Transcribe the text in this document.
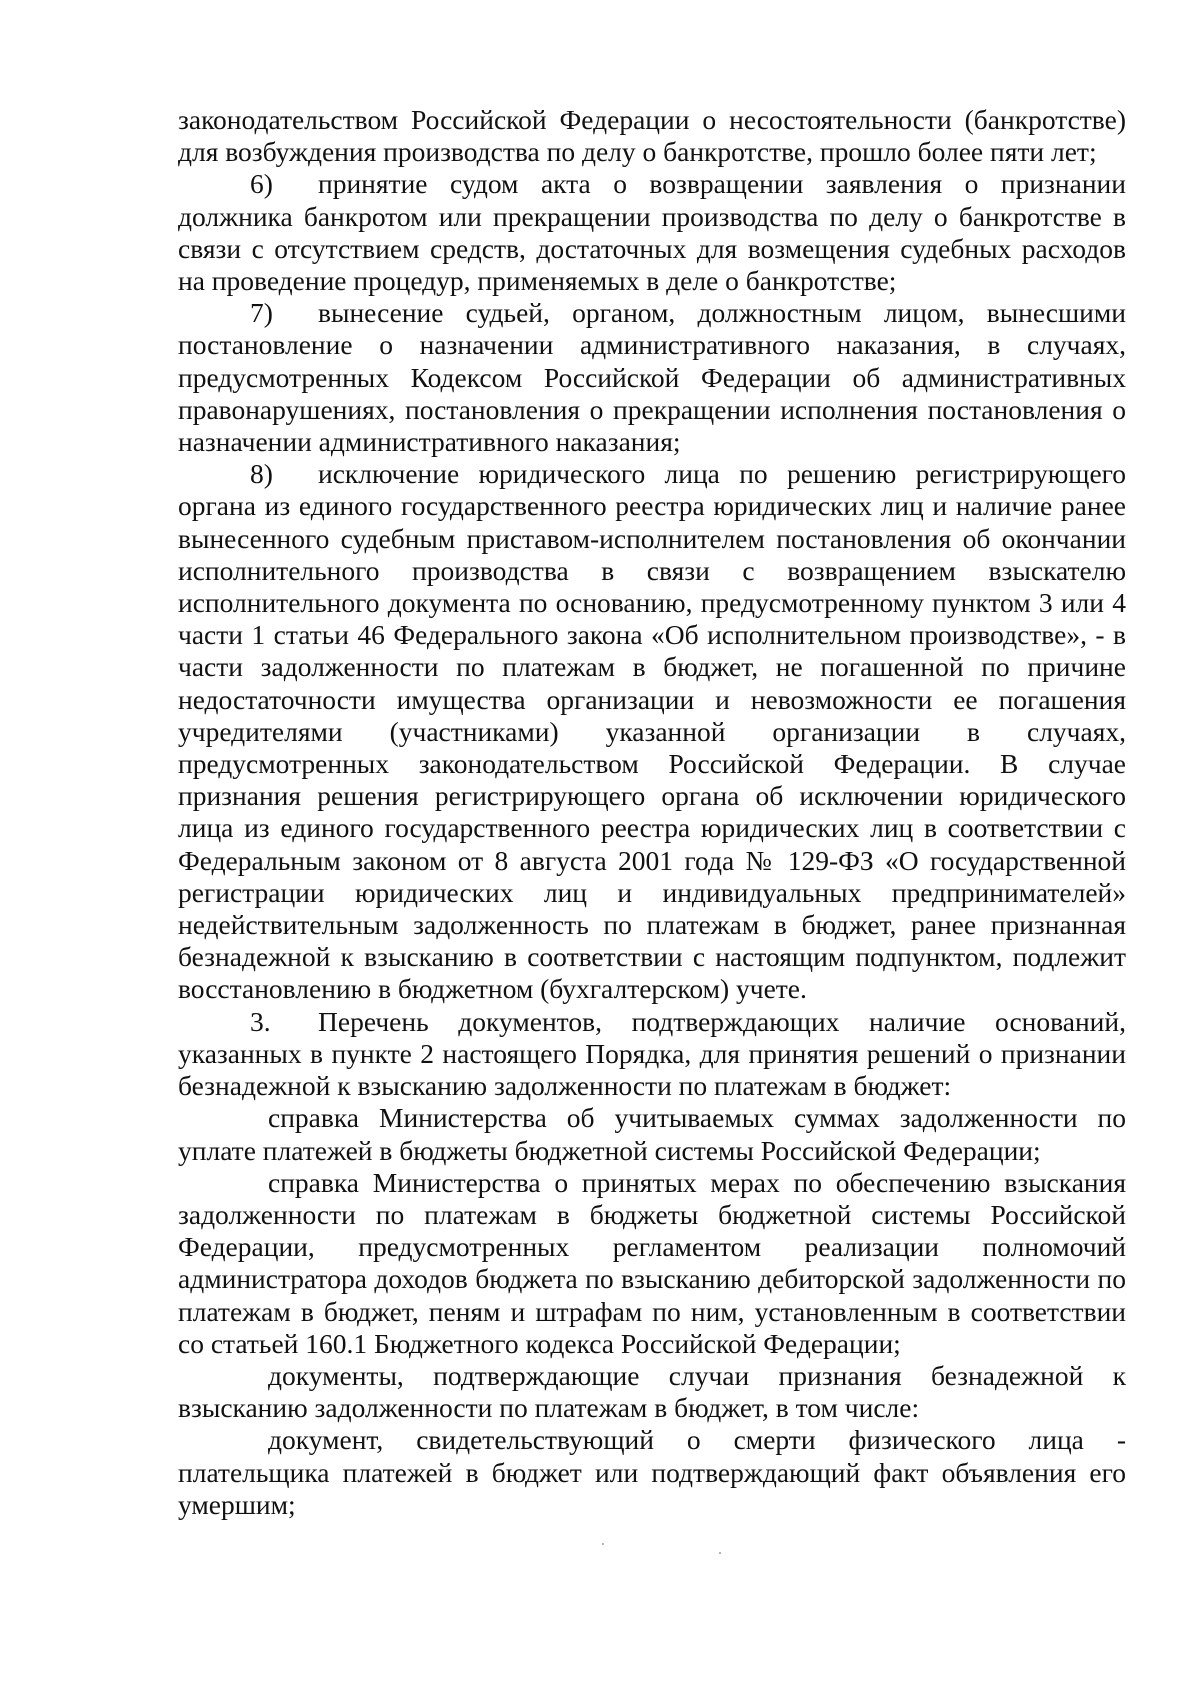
законодательством Российской Федерации о несостоятельности (банкротстве) для возбуждения производства по делу о банкротстве, прошло более пяти лет;

6) принятие судом акта о возвращении заявления о признании должника банкротом или прекращении производства по делу о банкротстве в связи с отсутствием средств, достаточных для возмещения судебных расходов на проведение процедур, применяемых в деле о банкротстве;

7) вынесение судьей, органом, должностным лицом, вынесшими постановление о назначении административного наказания, в случаях, предусмотренных Кодексом Российской Федерации об административных правонарушениях, постановления о прекращении исполнения постановления о назначении административного наказания;

8) исключение юридического лица по решению регистрирующего органа из единого государственного реестра юридических лиц и наличие ранее вынесенного судебным приставом-исполнителем постановления об окончании исполнительного производства в связи с возвращением взыскателю исполнительного документа по основанию, предусмотренному пунктом 3 или 4 части 1 статьи 46 Федерального закона «Об исполнительном производстве», - в части задолженности по платежам в бюджет, не погашенной по причине недостаточности имущества организации и невозможности ее погашения учредителями (участниками) указанной организации в случаях, предусмотренных законодательством Российской Федерации. В случае признания решения регистрирующего органа об исключении юридического лица из единого государственного реестра юридических лиц в соответствии с Федеральным законом от 8 августа 2001 года № 129-ФЗ «О государственной регистрации юридических лиц и индивидуальных предпринимателей» недействительным задолженность по платежам в бюджет, ранее признанная безнадежной к взысканию в соответствии с настоящим подпунктом, подлежит восстановлению в бюджетном (бухгалтерском) учете.

3. Перечень документов, подтверждающих наличие оснований, указанных в пункте 2 настоящего Порядка, для принятия решений о признании безнадежной к взысканию задолженности по платежам в бюджет:

справка Министерства об учитываемых суммах задолженности по уплате платежей в бюджеты бюджетной системы Российской Федерации;

справка Министерства о принятых мерах по обеспечению взыскания задолженности по платежам в бюджеты бюджетной системы Российской Федерации, предусмотренных регламентом реализации полномочий администратора доходов бюджета по взысканию дебиторской задолженности по платежам в бюджет, пеням и штрафам по ним, установленным в соответствии со статьей 160.1 Бюджетного кодекса Российской Федерации;

документы, подтверждающие случаи признания безнадежной к взысканию задолженности по платежам в бюджет, в том числе:

документ, свидетельствующий о смерти физического лица - плательщика платежей в бюджет или подтверждающий факт объявления его умершим;
